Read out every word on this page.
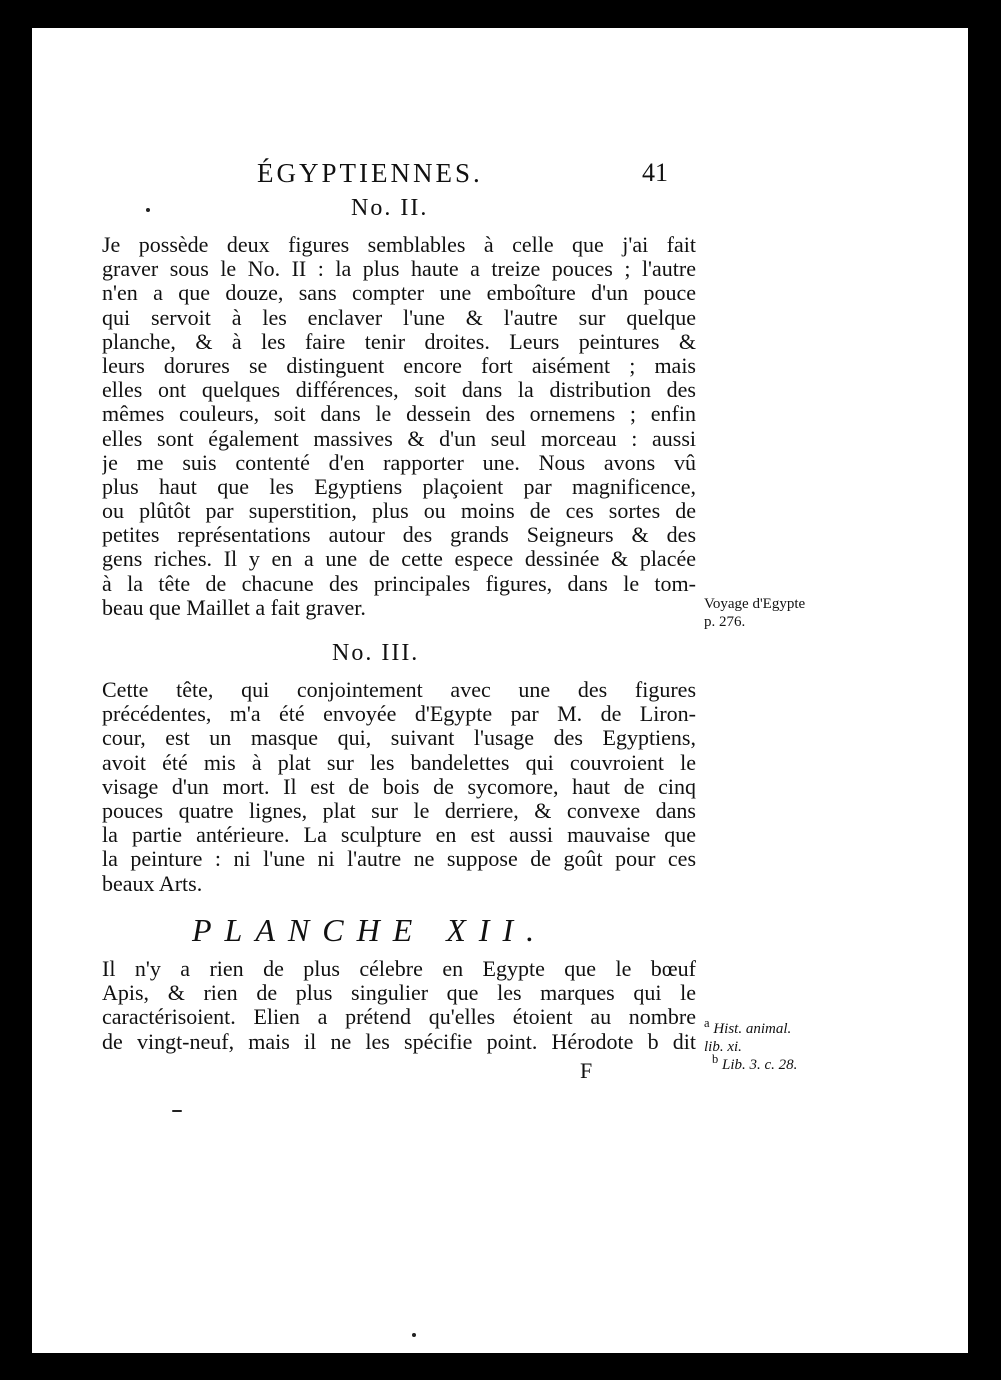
ÉGYPTIENNES.	41
No. II.
Je possède deux figures semblables à celle que j'ai fait
graver sous le No. II : la plus haute a treize pouces ; l'autre
n'en a que douze, sans compter une emboîture d'un pouce
qui servoit à les enclaver l'une & l'autre sur quelque
planche, & à les faire tenir droites. Leurs peintures &
leurs dorures se distinguent encore fort aisément ; mais
elles ont quelques différences, soit dans la distribution des
mêmes couleurs, soit dans le dessein des ornemens ; enfin
elles sont également massives & d'un seul morceau : aussi
je me suis contenté d'en rapporter une. Nous avons vû
plus haut que les Egyptiens plaçoient par magnificence,
ou plûtôt par superstition, plus ou moins de ces sortes de
petites représentations autour des grands Seigneurs & des
gens riches. Il y en a une de cette espece dessinée & placée
à la tête de chacune des principales figures, dans le tom-
beau que Maillet a fait graver.	Voyage d'Egypte
p. 276.
No. III.
Cette tête, qui conjointement avec une des figures
précédentes, m'a été envoyée d'Egypte par M. de Liron-
cour, est un masque qui, suivant l'usage des Egyptiens,
avoit été mis à plat sur les bandelettes qui couvroient le
visage d'un mort. Il est de bois de sycomore, haut de cinq
pouces quatre lignes, plat sur le derriere, & convexe dans
la partie antérieure. La sculpture en est aussi mauvaise que
la peinture : ni l'une ni l'autre ne suppose de goût pour ces
beaux Arts.
PLANCHE XII.
Il n'y a rien de plus célebre en Egypte que le bœuf
Apis, & rien de plus singulier que les marques qui le
caractérisoient. Elien a prétend qu'elles étoient au nombre
de vingt-neuf, mais il ne les spécifie point. Hérodote b dit
$^a$ Hist. animal.
lib. xi.
$^b$ Lib. 3. c. 28.
F
